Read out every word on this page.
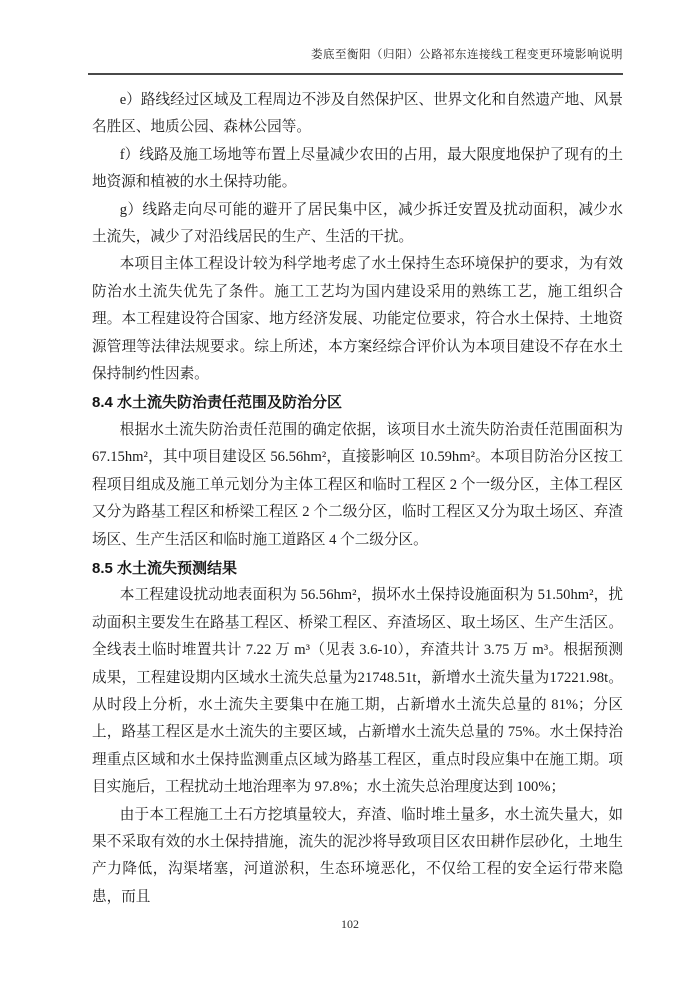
娄底至衡阳（归阳）公路祁东连接线工程变更环境影响说明

e）路线经过区域及工程周边不涉及自然保护区、世界文化和自然遗产地、风景名胜区、地质公园、森林公园等。

f）线路及施工场地等布置上尽量减少农田的占用，最大限度地保护了现有的土地资源和植被的水土保持功能。

g）线路走向尽可能的避开了居民集中区，减少拆迁安置及扰动面积，减少水土流失，减少了对沿线居民的生产、生活的干扰。

本项目主体工程设计较为科学地考虑了水土保持生态环境保护的要求，为有效防治水土流失优先了条件。施工工艺均为国内建设采用的熟练工艺，施工组织合理。本工程建设符合国家、地方经济发展、功能定位要求，符合水土保持、土地资源管理等法律法规要求。综上所述，本方案经综合评价认为本项目建设不存在水土保持制约性因素。

8.4 水土流失防治责任范围及防治分区

根据水土流失防治责任范围的确定依据，该项目水土流失防治责任范围面积为67.15hm²，其中项目建设区 56.56hm²，直接影响区 10.59hm²。本项目防治分区按工程项目组成及施工单元划分为主体工程区和临时工程区 2 个一级分区，主体工程区又分为路基工程区和桥梁工程区 2 个二级分区，临时工程区又分为取土场区、弃渣场区、生产生活区和临时施工道路区 4 个二级分区。

8.5 水土流失预测结果

本工程建设扰动地表面积为 56.56hm²，损坏水土保持设施面积为 51.50hm²，扰动面积主要发生在路基工程区、桥梁工程区、弃渣场区、取土场区、生产生活区。全线表土临时堆置共计 7.22 万 m³（见表 3.6-10），弃渣共计 3.75 万 m³。根据预测成果，工程建设期内区域水土流失总量为21748.51t，新增水土流失量为17221.98t。从时段上分析，水土流失主要集中在施工期，占新增水土流失总量的 81%；分区上，路基工程区是水土流失的主要区域，占新增水土流失总量的 75%。水土保持治理重点区域和水土保持监测重点区域为路基工程区，重点时段应集中在施工期。项目实施后，工程扰动土地治理率为 97.8%；水土流失总治理度达到 100%；

由于本工程施工土石方挖填量较大，弃渣、临时堆土量多，水土流失量大，如果不采取有效的水土保持措施，流失的泥沙将导致项目区农田耕作层砂化，土地生产力降低，沟渠堵塞，河道淤积，生态环境恶化，不仅给工程的安全运行带来隐患，而且

102
